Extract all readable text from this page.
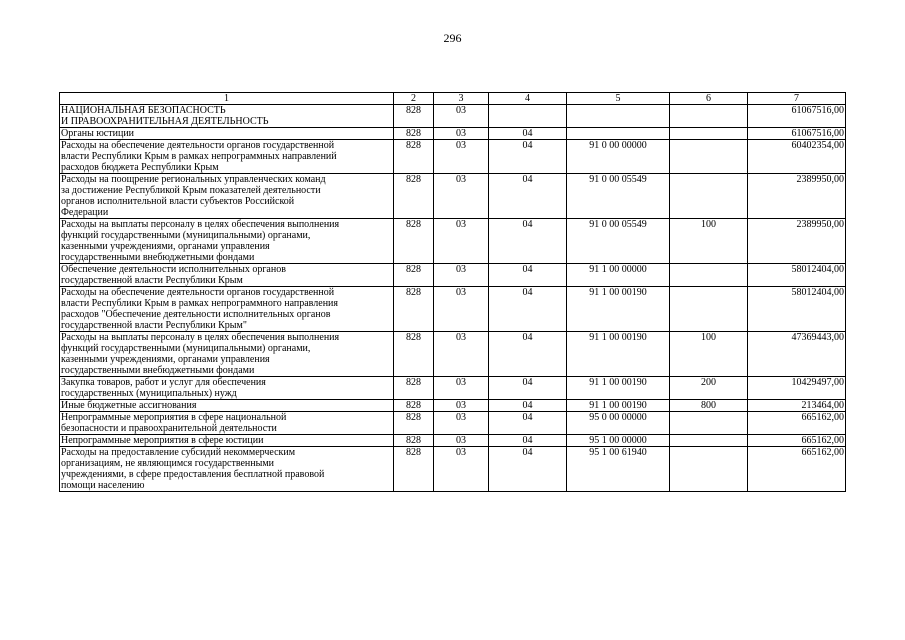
296
1	2	3	4	5	6	7

НАЦИОНАЛЬНАЯ БЕЗОПАСНОСТЬ
И ПРАВООХРАНИТЕЛЬНАЯ ДЕЯТЕЛЬНОСТЬ	828	03				61067516,00

Органы юстиции	828	03	04			61067516,00

Расходы на обеспечение деятельности органов государственной
власти Республики Крым в рамках непрограммных направлений
расходов бюджета Республики Крым	828	03	04	91 0 00 00000		60402354,00

Расходы на поощрение региональных управленческих команд
за достижение Республикой Крым показателей деятельности
органов исполнительной власти субъектов Российской
Федерации	828	03	04	91 0 00 05549		2389950,00

Расходы на выплаты персоналу в целях обеспечения выполнения
функций государственными (муниципальными) органами,
казенными учреждениями, органами управления
государственными внебюджетными фондами	828	03	04	91 0 00 05549	100	2389950,00

Обеспечение деятельности исполнительных органов
государственной власти Республики Крым	828	03	04	91 1 00 00000		58012404,00

Расходы на обеспечение деятельности органов государственной
власти Республики Крым в рамках непрограммного направления
расходов "Обеспечение деятельности исполнительных органов
государственной власти Республики Крым"	828	03	04	91 1 00 00190		58012404,00

Расходы на выплаты персоналу в целях обеспечения выполнения
функций государственными (муниципальными) органами,
казенными учреждениями, органами управления
государственными внебюджетными фондами	828	03	04	91 1 00 00190	100	47369443,00

Закупка товаров, работ и услуг для обеспечения
государственных (муниципальных) нужд	828	03	04	91 1 00 00190	200	10429497,00

Иные бюджетные ассигнования	828	03	04	91 1 00 00190	800	213464,00

Непрограммные мероприятия в сфере национальной
безопасности и правоохранительной деятельности	828	03	04	95 0 00 00000		665162,00

Непрограммные мероприятия в сфере юстиции	828	03	04	95 1 00 00000		665162,00

Расходы на предоставление субсидий некоммерческим
организациям, не являющимся государственными
учреждениями, в сфере предоставления бесплатной правовой
помощи населению	828	03	04	95 1 00 61940		665162,00
